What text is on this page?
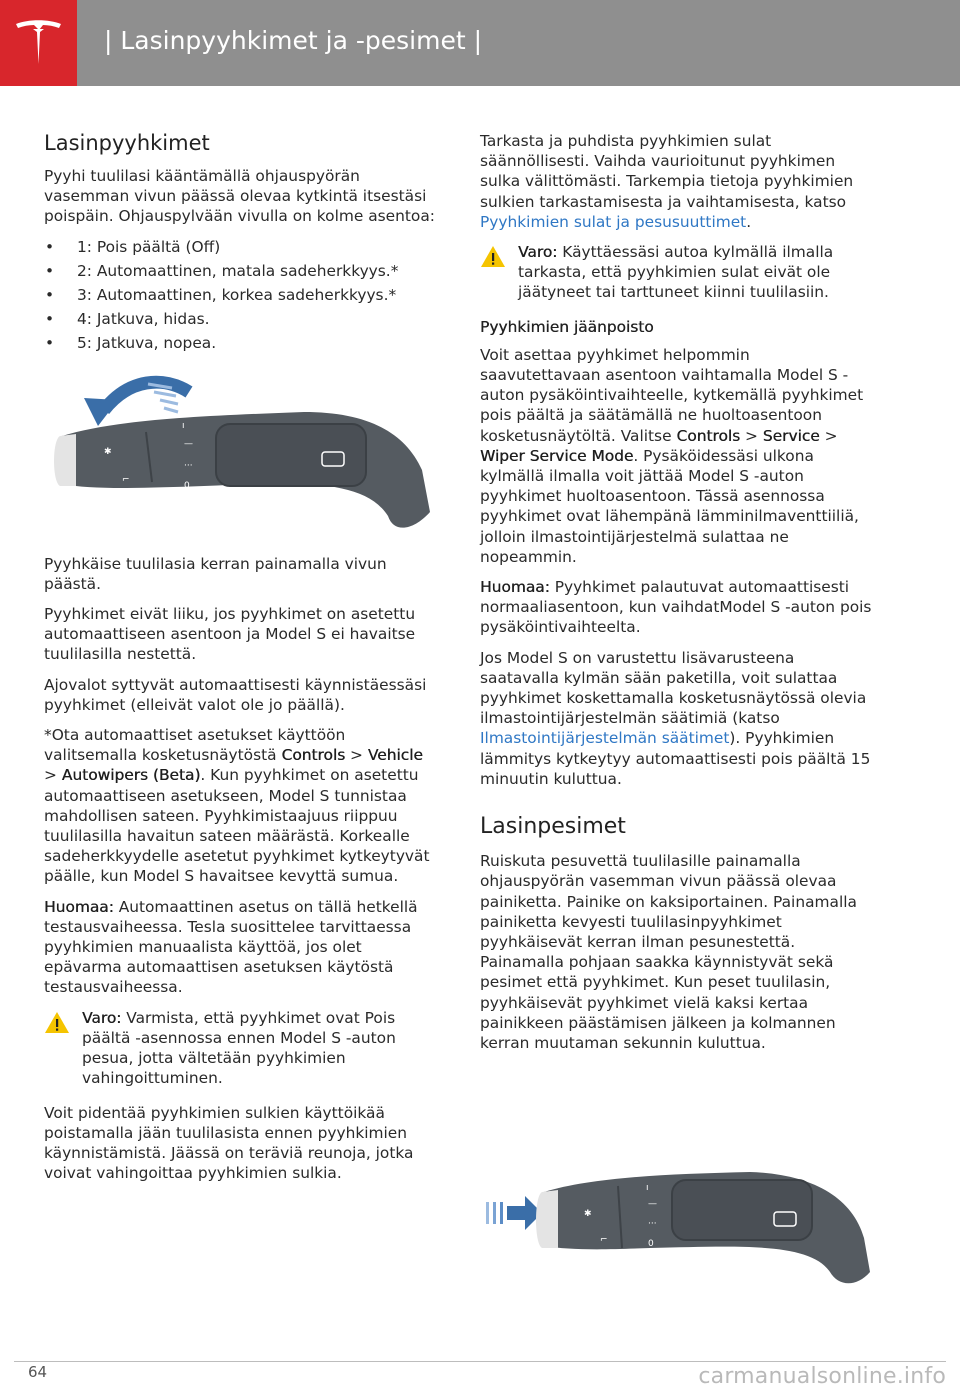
| Lasinpyyhkimet ja -pesimet |
Lasinpyyhkimet

Pyyhi tuulilasi kääntämällä ohjauspyörän vasemman vivun päässä olevaa kytkintä itsestäsi poispäin. Ohjauspylvään vivulla on kolme asentoa:

• 1: Pois päältä (Off)
• 2: Automaattinen, matala sadeherkkyys.*
• 3: Automaattinen, korkea sadeherkkyys.*
• 4: Jatkuva, hidas.
• 5: Jatkuva, nopea.
ı
—
···
0
✱
⌐

Pyyhkäise tuulilasia kerran painamalla vivun päästä.

Pyyhkimet eivät liiku, jos pyyhkimet on asetettu automaattiseen asentoon ja Model S ei havaitse tuulilasilla nestettä.

Ajovalot syttyvät automaattisesti käynnistäessäsi pyyhkimet (elleivät valot ole jo päällä).

*Ota automaattiset asetukset käyttöön valitsemalla kosketusnäytöstä Controls > Vehicle > Autowipers (Beta). Kun pyyhkimet on asetettu automaattiseen asetukseen, Model S tunnistaa mahdollisen sateen. Pyyhkimistaajuus riippuu tuulilasilla havaitun sateen määrästä. Korkealle sadeherkkyydelle asetetut pyyhkimet kytkeytyvät päälle, kun Model S havaitsee kevyttä sumua.

Huomaa: Automaattinen asetus on tällä hetkellä testausvaiheessa. Tesla suosittelee tarvittaessa pyyhkimien manuaalista käyttöä, jos olet epävarma automaattisen asetuksen käytöstä testausvaiheessa.

Varo: Varmista, että pyyhkimet ovat Pois päältä -asennossa ennen Model S -auton pesua, jotta vältetään pyyhkimien vahingoittuminen.

Voit pidentää pyyhkimien sulkien käyttöikää poistamalla jään tuulilasista ennen pyyhkimien käynnistämistä. Jäässä on teräviä reunoja, jotka voivat vahingoittaa pyyhkimien sulkia.

Tarkasta ja puhdista pyyhkimien sulat säännöllisesti. Vaihda vaurioitunut pyyhkimen sulka välittömästi. Tarkempia tietoja pyyhkimien sulkien tarkastamisesta ja vaihtamisesta, katso Pyyhkimien sulat ja pesusuuttimet.

Varo: Käyttäessäsi autoa kylmällä ilmalla tarkasta, että pyyhkimien sulat eivät ole jäätyneet tai tarttuneet kiinni tuulilasiin.
Pyyhkimien jäänpoisto

Voit asettaa pyyhkimet helpommin saavutettavaan asentoon vaihtamalla Model S -auton pysäköintivaihteelle, kytkemällä pyyhkimet pois päältä ja säätämällä ne huoltoasentoon kosketusnäytöltä. Valitse Controls > Service > Wiper Service Mode. Pysäköidessäsi ulkona kylmällä ilmalla voit jättää Model S -auton pyyhkimet huoltoasentoon. Tässä asennossa pyyhkimet ovat lähempänä lämminilmaventtiiliä, jolloin ilmastointijärjestelmä sulattaa ne nopeammin.

Huomaa: Pyyhkimet palautuvat automaattisesti normaaliasentoon, kun vaihdatModel S -auton pois pysäköintivaihteelta.

Jos Model S on varustettu lisävarusteena saatavalla kylmän sään paketilla, voit sulattaa pyyhkimet koskettamalla kosketusnäytössä olevia ilmastointijärjestelmän säätimiä (katso Ilmastointijärjestelmän säätimet). Pyyhkimien lämmitys kytkeytyy automaattisesti pois päältä 15 minuutin kuluttua.

Lasinpesimet

Ruiskuta pesuvettä tuulilasille painamalla ohjauspyörän vasemman vivun päässä olevaa painiketta. Painike on kaksiportainen. Painamalla painiketta kevyesti tuulilasinpyyhkimet pyyhkäisevät kerran ilman pesunestettä. Painamalla pohjaan saakka käynnistyvät sekä pesimet että pyyhkimet. Kun peset tuulilasin, pyyhkäisevät pyyhkimet vielä kaksi kertaa painikkeen päästämisen jälkeen ja kolmannen kerran muutaman sekunnin kuluttua.

ı
—
···
0
✱
⌐
64	carmanualsonline.info
